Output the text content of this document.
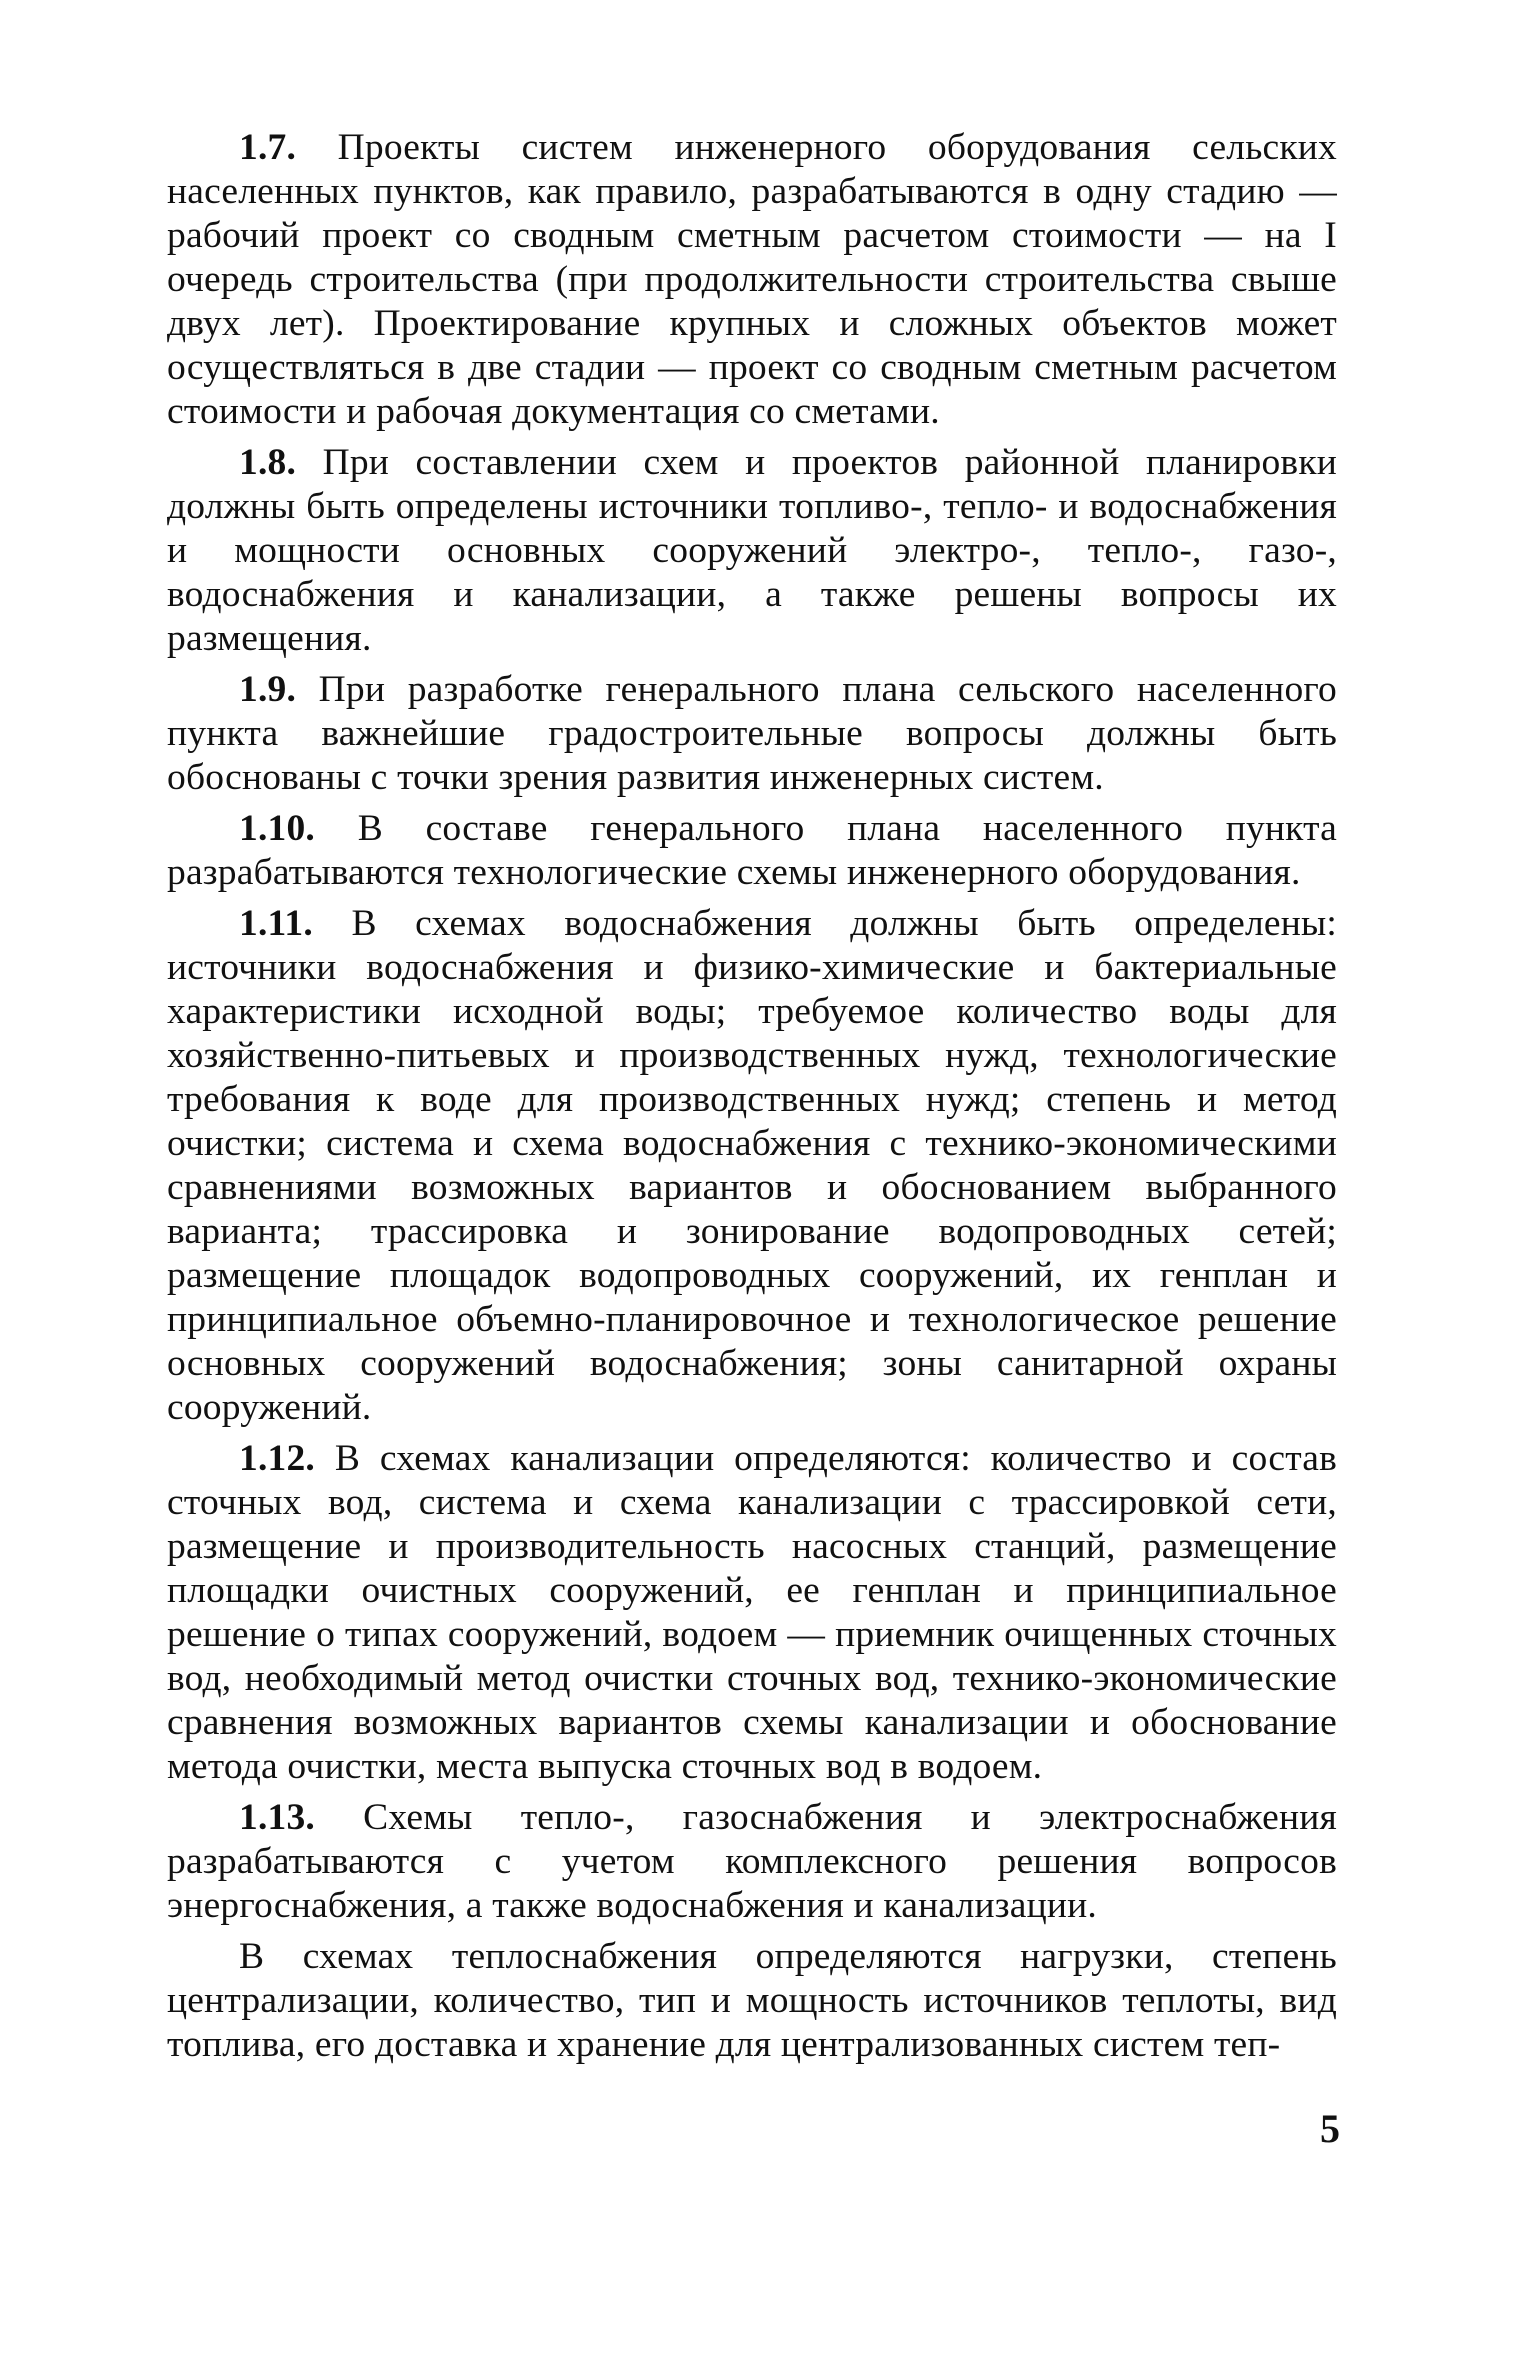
1.7. Проекты систем инженерного оборудования сельских населенных пунктов, как правило, разрабатываются в одну стадию — рабочий проект со сводным сметным расчетом стоимости — на I очередь строительства (при продолжительности строительства свыше двух лет). Проектирование крупных и сложных объектов может осуществляться в две стадии — проект со сводным сметным расчетом стоимости и рабочая документация со сметами.

1.8. При составлении схем и проектов районной планировки должны быть определены источники топливо-, тепло- и водоснабжения и мощности основных сооружений электро-, тепло-, газо-, водоснабжения и канализации, а также решены вопросы их размещения.

1.9. При разработке генерального плана сельского населенного пункта важнейшие градостроительные вопросы должны быть обоснованы с точки зрения развития инженерных систем.

1.10. В составе генерального плана населенного пункта разрабатываются технологические схемы инженерного оборудования.

1.11. В схемах водоснабжения должны быть определены: источники водоснабжения и физико-химические и бактериальные характеристики исходной воды; требуемое количество воды для хозяйственно-питьевых и производственных нужд, технологические требования к воде для производственных нужд; степень и метод очистки; система и схема водоснабжения с технико-экономическими сравнениями возможных вариантов и обоснованием выбранного варианта; трассировка и зонирование водопроводных сетей; размещение площадок водопроводных сооружений, их генплан и принципиальное объемно-планировочное и технологическое решение основных сооружений водоснабжения; зоны санитарной охраны сооружений.

1.12. В схемах канализации определяются: количество и состав сточных вод, система и схема канализации с трассировкой сети, размещение и производительность насосных станций, размещение площадки очистных сооружений, ее генплан и принципиальное решение о типах сооружений, водоем — приемник очищенных сточных вод, необходимый метод очистки сточных вод, технико-экономические сравнения возможных вариантов схемы канализации и обоснование метода очистки, места выпуска сточных вод в водоем.

1.13. Схемы тепло-, газоснабжения и электроснабжения разрабатываются с учетом комплексного решения вопросов энергоснабжения, а также водоснабжения и канализации.

В схемах теплоснабжения определяются нагрузки, степень централизации, количество, тип и мощность источников теплоты, вид топлива, его доставка и хранение для централизованных систем теп-

5
